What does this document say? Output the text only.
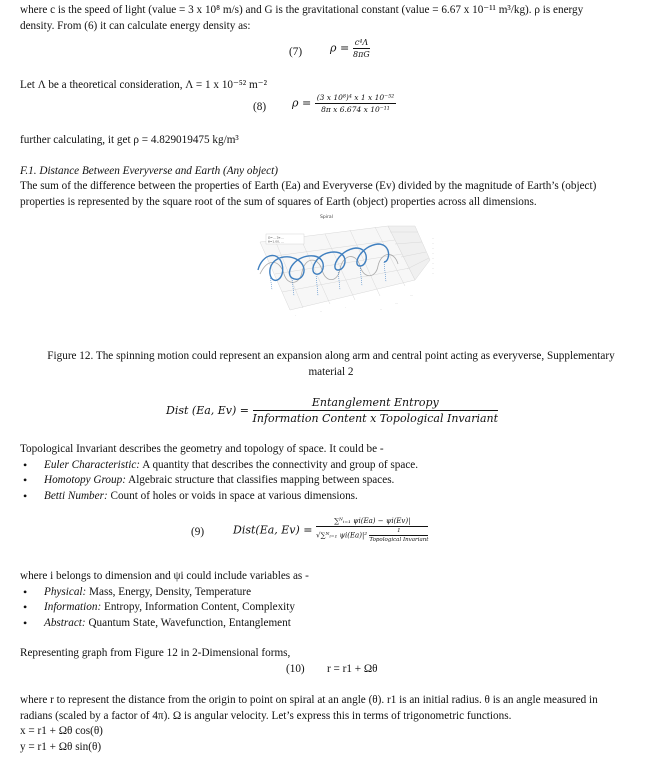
where c is the speed of light (value = 3 x 10⁸ m/s) and G is the gravitational constant (value = 6.67 x 10⁻¹¹ m³/kg). ρ is energy
density. From (6) it can calculate energy density as:
(7)	$\rho = \frac{\text{c⁴Λ}}{8\pi G}$
Let Λ be a theoretical consideration, Λ = 1 x 10⁻⁵² m⁻²
(8) $\rho = \frac{\text{(3 x 10⁸)⁴ x 1 x 10⁻⁵²}}{\text{8π x 6.674 x 10⁻¹¹}}$
further calculating, it get ρ = 4.829019475 kg/m³
F.1. Distance Between Everyverse and Earth (Any object)
The sum of the difference between the properties of Earth (Ea) and Everyverse (Ev) divided by the magnitude of Earth’s (object)
properties is represented by the square root of the sum of squares of Earth (object) properties across all dimensions.
Spiral
Ω=... 2π·...
θ=1.00, ...
··
··
··
··
··
··
··
··
·
··
·	··
···
···
Figure 12. The spinning motion could represent an expansion along arm and central point acting as everyverse, Supplementary
material 2
Dist (Ea, $Ev) = \frac{\text{Entanglement Entropy}}{\text{Information Content x Topological Invariant}}$
Topological Invariant describes the geometry and topology of space. It could be -
• Euler Characteristic: A quantity that describes the connectivity and group of space.
• Homotopy Group: Algebraic structure that classifies mapping between spaces.
• Betti Number: Count of holes or voids in space at various dimensions.
(9)	Dist(Ea, Ev) =
∑ᴺᵢ₌₁ ψi(Ea) − ψi(Ev)|
√∑ᴺᵢ₌₁ $\psi i(Ea)|^2 \frac{1}{\text{Topological Invariant}}$
where i belongs to dimension and ψi could include variables as -
• Physical: Mass, Energy, Density, Temperature
• Information: Entropy, Information Content, Complexity
• Abstract: Quantum State, Wavefunction, Entanglement
Representing graph from Figure 12 in 2-Dimensional forms,
(10) r = r1 + Ωθ
where r to represent the distance from the origin to point on spiral at an angle (θ). r1 is an initial radius. θ is an angle measured in
radians (scaled by a factor of 4π). Ω is angular velocity. Let’s express this in terms of trigonometric functions.
x = r1 + Ωθ cos(θ)
y = r1 + Ωθ sin(θ)
